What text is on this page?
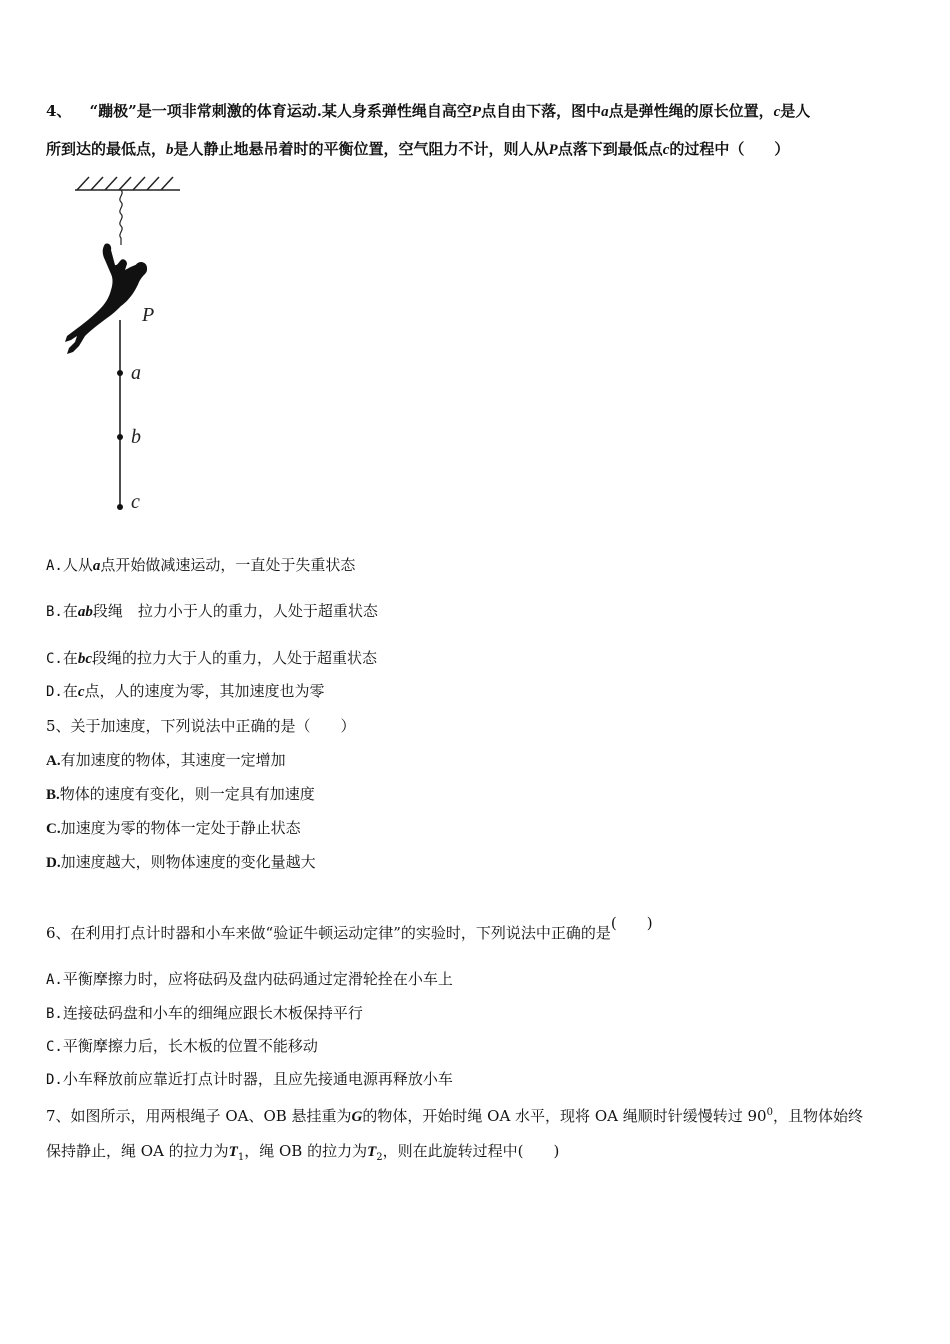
4、 “蹦极”是一项非常刺激的体育运动.某人身系弹性绳自高空P点自由下落，图中a点是弹性绳的原长位置，c是人
所到达的最低点，b是人静止地悬吊着时的平衡位置，空气阻力不计，则人从P点落下到最低点c的过程中（　　）
P
a
b
c
A.人从a点开始做减速运动，一直处于失重状态
B.在ab段绳　拉力小于人的重力，人处于超重状态
C.在bc段绳的拉力大于人的重力，人处于超重状态
D.在c点，人的速度为零，其加速度也为零
5、关于加速度，下列说法中正确的是（　　）
A.有加速度的物体，其速度一定增加
B.物体的速度有变化，则一定具有加速度
C.加速度为零的物体一定处于静止状态
D.加速度越大，则物体速度的变化量越大
6、在利用打点计时器和小车来做“验证牛顿运动定律”的实验时，下列说法中正确的是(　　)
A.平衡摩擦力时，应将砝码及盘内砝码通过定滑轮拴在小车上
B.连接砝码盘和小车的细绳应跟长木板保持平行
C.平衡摩擦力后，长木板的位置不能移动
D.小车释放前应靠近打点计时器，且应先接通电源再释放小车
7、如图所示，用两根绳子 OA、OB 悬挂重为G的物体，开始时绳 OA 水平，现将 OA 绳顺时针缓慢转过 $90^0$，且物体始终
保持静止，绳 OA 的拉力为$T_1$，绳 OB 的拉力为$T_2$，则在此旋转过程中(　　)
